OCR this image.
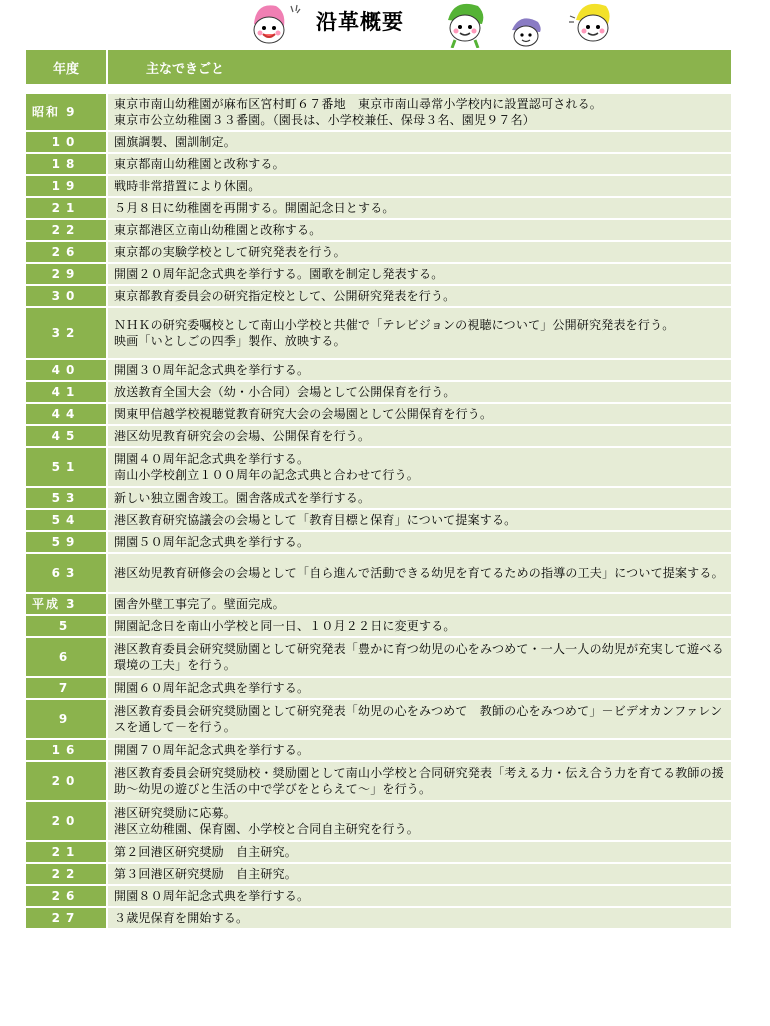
沿革概要
年度	主なできごと

昭和 9	東京市南山幼稚園が麻布区宮村町６７番地　東京市南山尋常小学校内に設置認可される。
東京市公立幼稚園３３番園。（園長は、小学校兼任、保母３名、園児９７名）

10	園旗調製、園訓制定。

18	東京都南山幼稚園と改称する。

19	戦時非常措置により休園。

21	５月８日に幼稚園を再開する。開園記念日とする。

22	東京都港区立南山幼稚園と改称する。

26	東京都の実験学校として研究発表を行う。

29	開園２０周年記念式典を挙行する。園歌を制定し発表する。

30	東京都教育委員会の研究指定校として、公開研究発表を行う。

32	ＮＨＫの研究委嘱校として南山小学校と共催で「テレビジョンの視聴について」公開研究発表を行う。
映画「いとしごの四季」製作、放映する。

40	開園３０周年記念式典を挙行する。

41	放送教育全国大会（幼・小合同）会場として公開保育を行う。

44	関東甲信越学校視聴覚教育研究大会の会場園として公開保育を行う。

45	港区幼児教育研究会の会場、公開保育を行う。

51	開園４０周年記念式典を挙行する。
南山小学校創立１００周年の記念式典と合わせて行う。

53	新しい独立園舎竣工。園舎落成式を挙行する。

54	港区教育研究協議会の会場として「教育目標と保育」について提案する。

59	開園５０周年記念式典を挙行する。

63	港区幼児教育研修会の会場として「自ら進んで活動できる幼児を育てるための指導の工夫」について提案する。

平成 3	園舎外壁工事完了。壁面完成。

5	開園記念日を南山小学校と同一日、１０月２２日に変更する。

6	港区教育委員会研究奨励園として研究発表「豊かに育つ幼児の心をみつめて・一人一人の幼児が充実して遊べる環境の工夫」を行う。

7	開園６０周年記念式典を挙行する。

9	港区教育委員会研究奨励園として研究発表「幼児の心をみつめて　教師の心をみつめて」－ビデオカンファレンスを通して－を行う。

16	開園７０周年記念式典を挙行する。

20	港区教育委員会研究奨励校・奨励園として南山小学校と合同研究発表「考える力・伝え合う力を育てる教師の援助～幼児の遊びと生活の中で学びをとらえて～」を行う。

20	港区研究奨励に応募。
港区立幼稚園、保育園、小学校と合同自主研究を行う。

21	第２回港区研究奨励　自主研究。

22	第３回港区研究奨励　自主研究。

26	開園８０周年記念式典を挙行する。

27	３歳児保育を開始する。
